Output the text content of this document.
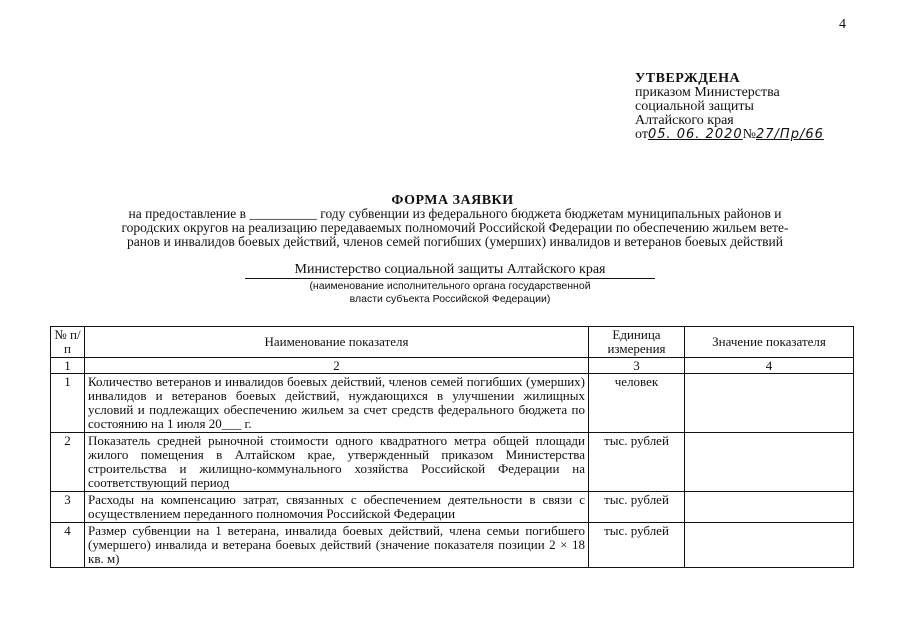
4
УТВЕРЖДЕНА
приказом Министерства
социальной защиты
Алтайского края
от05. 06. 2020№27/Пр/66
ФОРМА ЗАЯВКИ
на предоставление в __________ году субвенции из федерального бюджета бюджетам муниципальных районов и
городских округов на реализацию передаваемых полномочий Российской Федерации по обеспечению жильем вете-
ранов и инвалидов боевых действий, членов семей погибших (умерших) инвалидов и ветеранов боевых действий
Министерство социальной защиты Алтайского края
(наименование исполнительного органа государственной
власти субъекта Российской Федерации)
№ п/п	Наименование показателя	Единица измерения	Значение показателя
1	2	3	4
1	Количество ветеранов и инвалидов боевых действий, членов семей погибших (умерших) инвалидов и ветеранов боевых действий, нуждающихся в улучшении жилищных условий и подлежащих обеспечению жильем за счет средств федерального бюджета по состоянию на 1 июля 20___ г.	человек	
2	Показатель средней рыночной стоимости одного квадратного метра общей площади жилого помещения в Алтайском крае, утвержденный приказом Министерства строительства и жилищно-коммунального хозяйства Российской Федерации на соответствующий период	тыс. рублей	
3	Расходы на компенсацию затрат, связанных с обеспечением деятельности в связи с осуществлением переданного полномочия Российской Федерации	тыс. рублей	
4	Размер субвенции на 1 ветерана, инвалида боевых действий, члена семьи погибшего (умершего) инвалида и ветерана боевых действий (значение показателя позиции 2 × 18 кв. м)	тыс. рублей	
